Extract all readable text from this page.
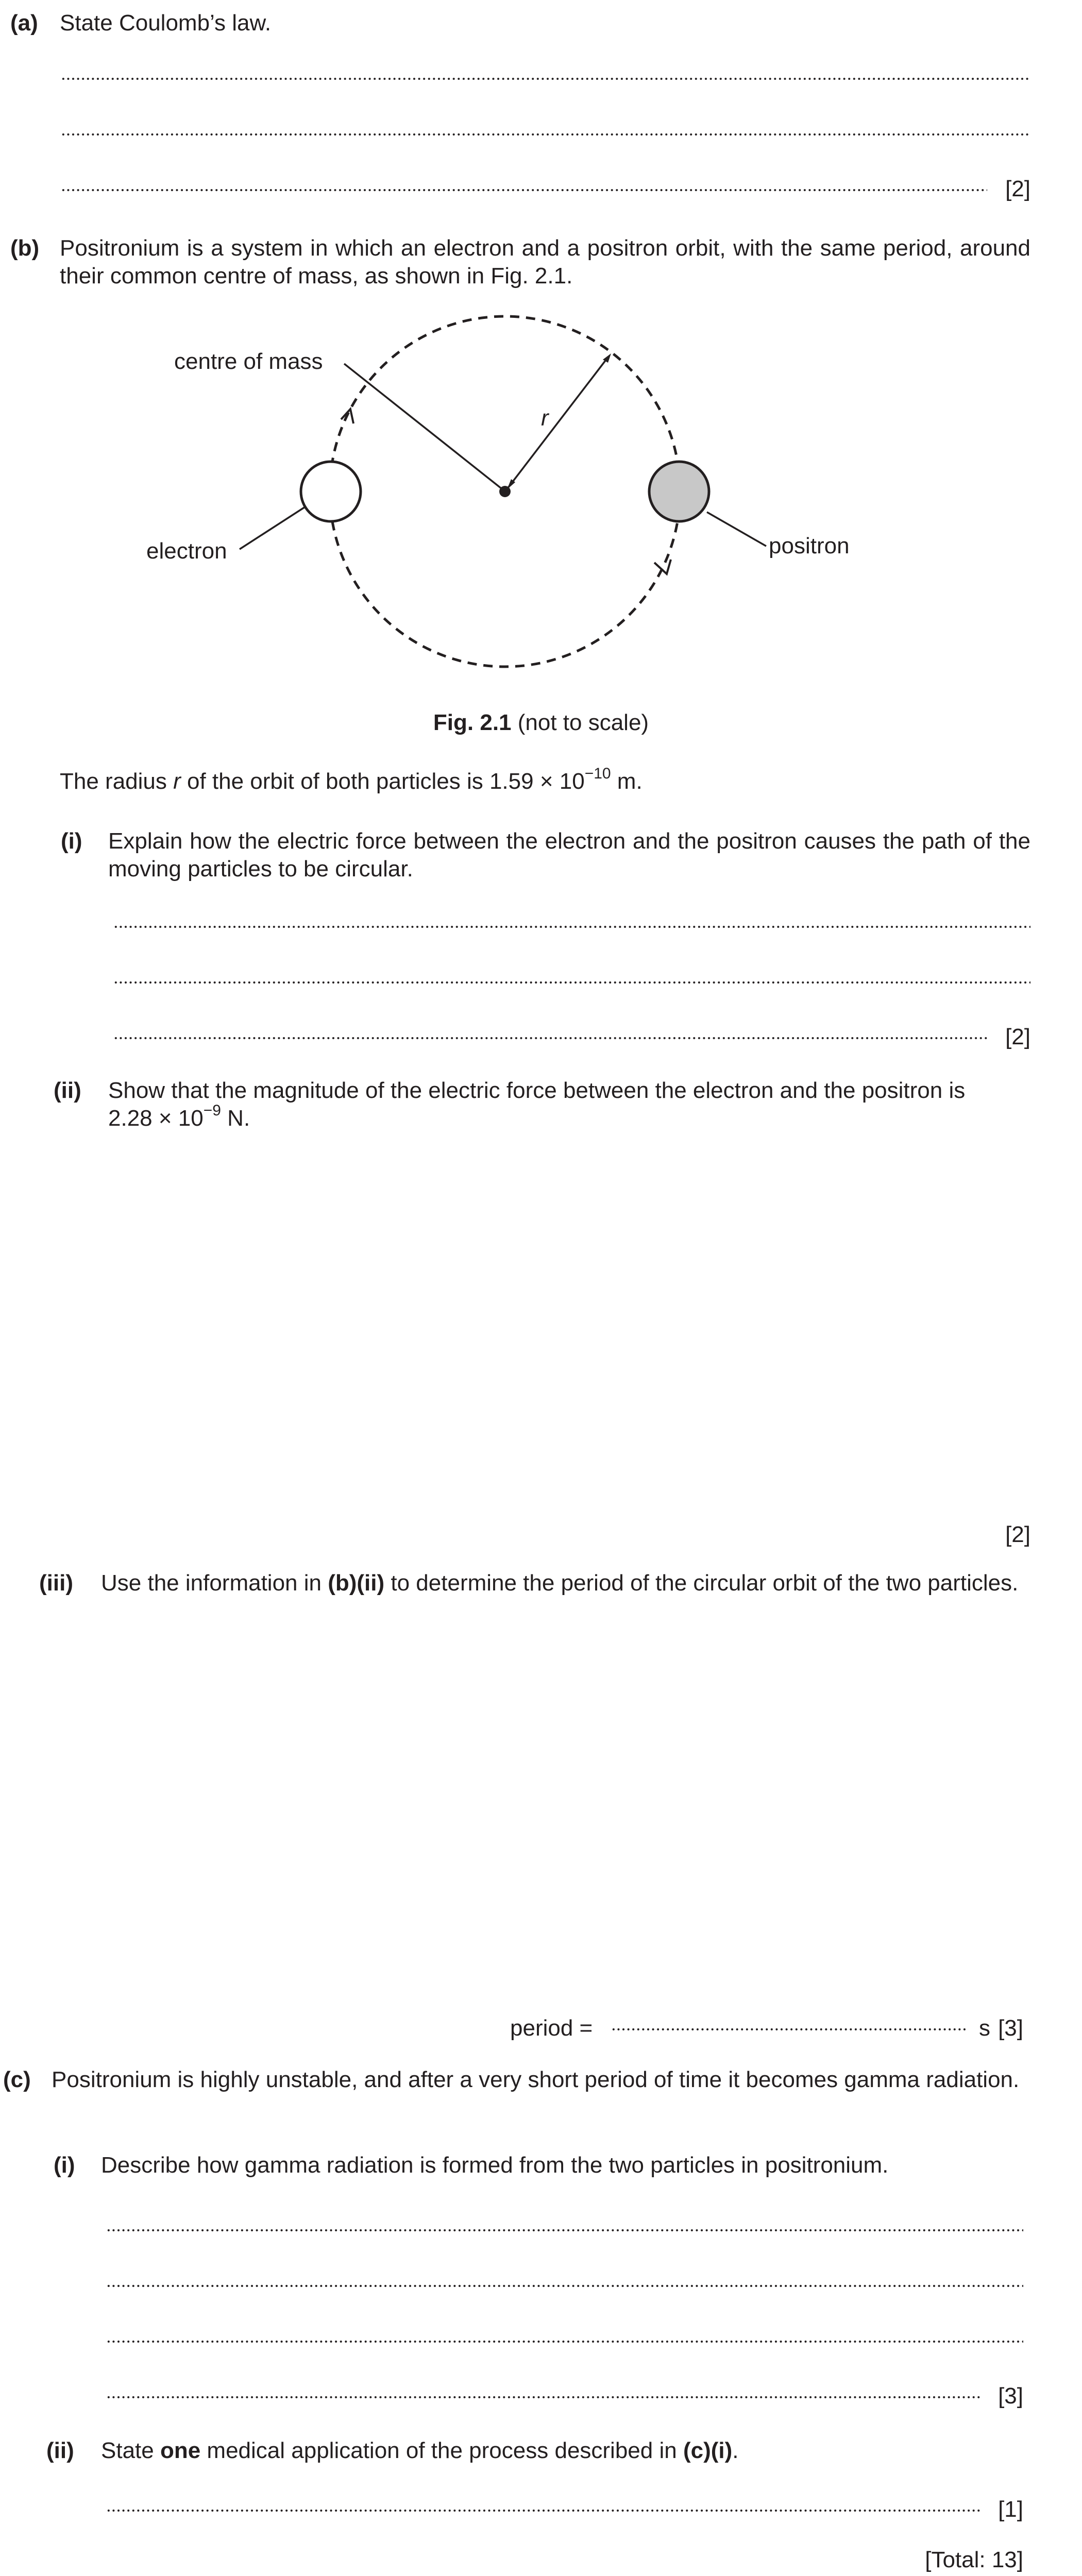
(a) State Coulomb’s law.
[2]
(b) Positronium is a system in which an electron and a positron orbit, with the same period, around their common centre of mass, as shown in Fig. 2.1.
centre of mass
r
electron	positron
Fig. 2.1 (not to scale)
The radius r of the orbit of both particles is $1.59 \times 10^{-10}$ m.
(i) Explain how the electric force between the electron and the positron causes the path of the moving particles to be circular.
[2]
(ii) Show that the magnitude of the electric force between the electron and the positron is
$2.28 \times 10^{-9}$ N.
[2]
(iii) Use the information in (b)(ii) to determine the period of the circular orbit of the two particles.
period =	s [3]
(c) Positronium is highly unstable, and after a very short period of time it becomes gamma radiation.
(i) Describe how gamma radiation is formed from the two particles in positronium.
[3]
(ii) State one medical application of the process described in (c)(i).
[1]
[Total: 13]
